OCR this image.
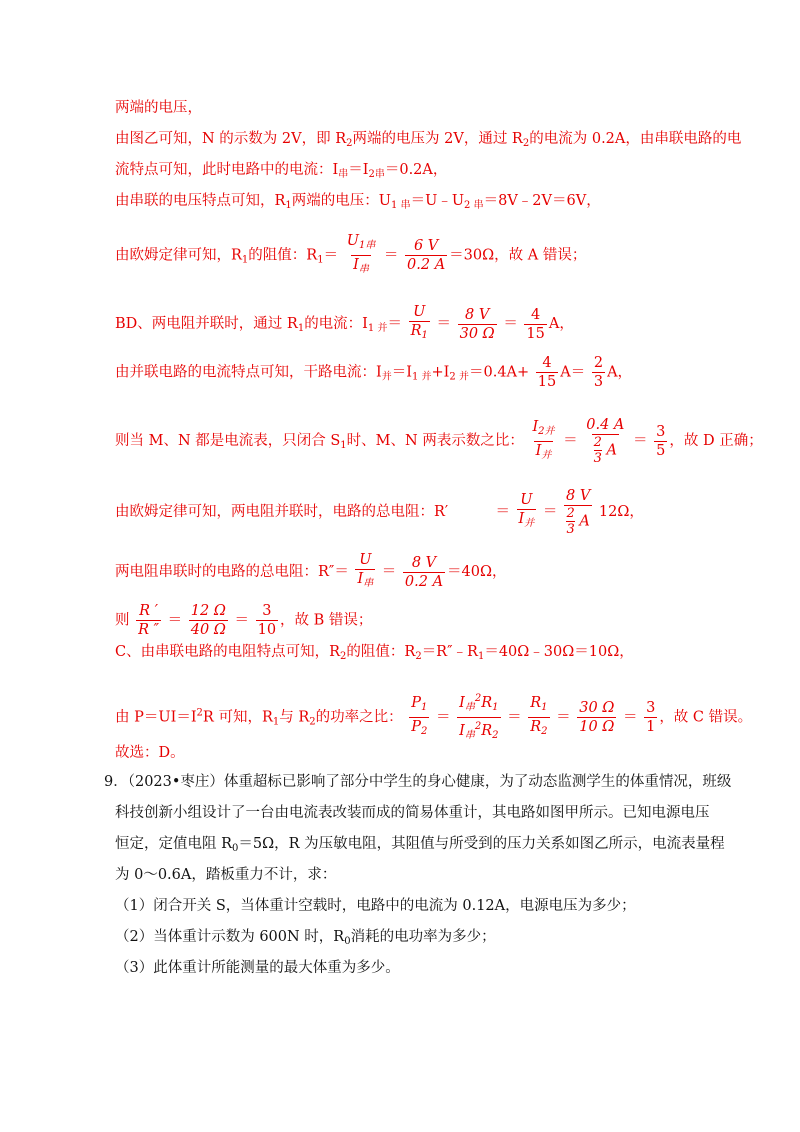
两端的电压，
由图乙可知，N 的示数为 2V，即 $R_2$两端的电压为 2V，通过 $R_2$的电流为 0.2A，由串联电路的电
流特点可知，此时电路中的电流：$I_串=I_{2串}=0.2A$，
由串联的电压特点可知，$R_1$两端的电压：$U_{1 串}=U﹣U_{2 串}=8V﹣2V=6V$，
由欧姆定律可知，$R_1$的阻值：$R_1= \frac{U_{1串}}{I_串} = \frac{6 V}{0.2 A} =30\Omega$，故 A 错误；
BD、两电阻并联时，通过 $R_1$的电流：$I_{1 并}= \frac{U}{R_1} = \frac{8 V}{30 \Omega} = \frac{4}{15}$ A，
由并联电路的电流特点可知，干路电流：$I_并=I_{1 并}+I_{2 并}=0.4A+ \frac{4}{15} A= \frac{2}{3}$ A，
则当 M、N 都是电流表，只闭合 $S_1$时、M、N 两表示数之比： $\frac{I_{2并}}{I_并} = \frac{0.4 A}{\frac{2}{3} A} = \frac{3}{5}$ ，故 D 正确；
由欧姆定律可知，两电阻并联时，电路的总电阻：R′	＝ $\frac{U}{I_并} = \frac{8 V}{\frac{2}{3} A} 12\Omega$，
两电阻串联时的电路的总电阻：$R''= \frac{U}{I_串} = \frac{8 V}{0.2 A} =40\Omega$，
则 $\frac{R '}{R ''} = \frac{12 \Omega}{40 \Omega} = \frac{3}{10}$ ，故 B 错误；
C、由串联电路的电阻特点可知，$R_2$的阻值：$R_2=R''﹣R_1=40\Omega﹣30\Omega=10\Omega$，
由 $P=UI=I^2R$ 可知，$R_1$与 $R_2$的功率之比： $\frac{P_1}{P_2} = \frac{I_串^2R_1}{I_串^2R_2} = \frac{R_1}{R_2} = \frac{30 \Omega}{10 \Omega} = \frac{3}{1}$ ，故 C 错误。
故选：D。
9．（2023•枣庄）体重超标已影响了部分中学生的身心健康，为了动态监测学生的体重情况，班级
科技创新小组设计了一台由电流表改装而成的简易体重计，其电路如图甲所示。已知电源电压
恒定，定值电阻 $R_0=5\Omega$，R 为压敏电阻，其阻值与所受到的压力关系如图乙所示，电流表量程
为 0～0.6A，踏板重力不计，求：
（1）闭合开关 S，当体重计空载时，电路中的电流为 0.12A，电源电压为多少；
（2）当体重计示数为 600N 时，$R_0$消耗的电功率为多少；
（3）此体重计所能测量的最大体重为多少。
